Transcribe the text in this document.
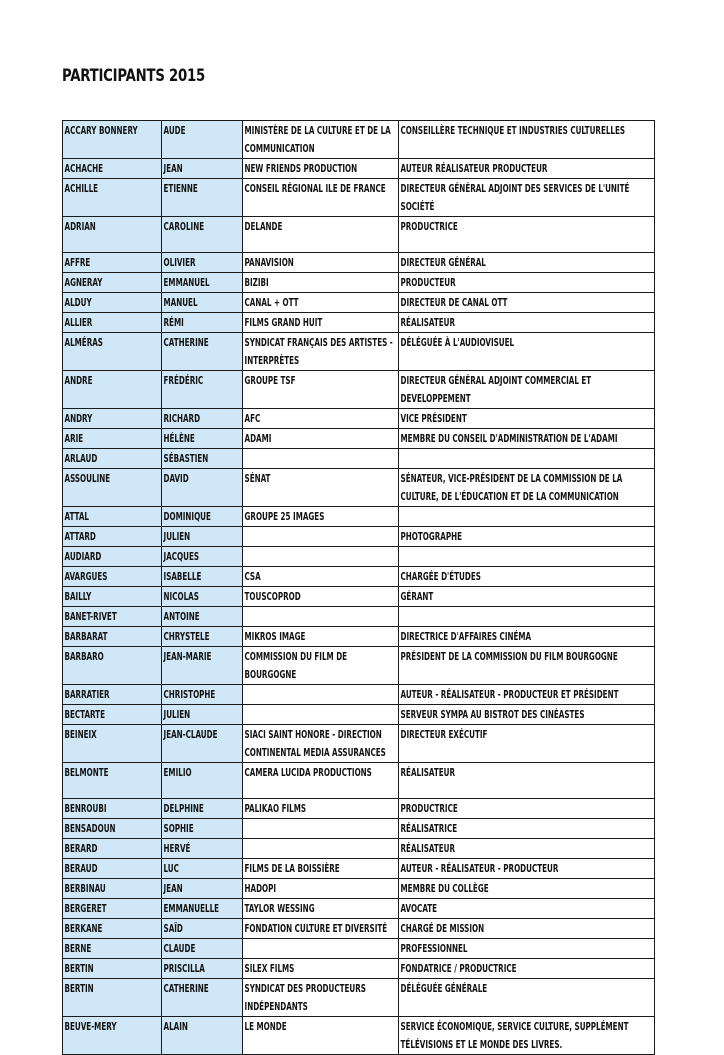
PARTICIPANTS 2015
ACCARY BONNERY	AUDE	MINISTÈRE DE LA CULTURE ET DE LA COMMUNICATION	CONSEILLÈRE TECHNIQUE ET INDUSTRIES CULTURELLES

ACHACHE	JEAN	NEW FRIENDS PRODUCTION	AUTEUR RÉALISATEUR PRODUCTEUR

ACHILLE	ETIENNE	CONSEIL RÉGIONAL ILE DE FRANCE	DIRECTEUR GÉNÉRAL ADJOINT DES SERVICES DE L'UNITÉ SOCIÉTÉ

ADRIAN	CAROLINE	DELANDE	PRODUCTRICE

AFFRE	OLIVIER	PANAVISION	DIRECTEUR GÉNÉRAL

AGNERAY	EMMANUEL	BIZIBI	PRODUCTEUR

ALDUY	MANUEL	CANAL + OTT	DIRECTEUR DE CANAL OTT

ALLIER	RÉMI	FILMS GRAND HUIT	RÉALISATEUR

ALMÉRAS	CATHERINE	SYNDICAT FRANÇAIS DES ARTISTES - INTERPRÈTES	DÉLÉGUÉE À L'AUDIOVISUEL

ANDRE	FRÉDÉRIC	GROUPE TSF	DIRECTEUR GÉNÉRAL ADJOINT COMMERCIAL ET DEVELOPPEMENT

ANDRY	RICHARD	AFC	VICE PRÉSIDENT

ARIE	HÉLÈNE	ADAMI	MEMBRE DU CONSEIL D'ADMINISTRATION DE L'ADAMI

ARLAUD	SÉBASTIEN		

ASSOULINE	DAVID	SÉNAT	SÉNATEUR, VICE-PRÉSIDENT DE LA COMMISSION DE LA CULTURE, DE L'ÉDUCATION ET DE LA COMMUNICATION

ATTAL	DOMINIQUE	GROUPE 25 IMAGES	

ATTARD	JULIEN		PHOTOGRAPHE

AUDIARD	JACQUES		

AVARGUES	ISABELLE	CSA	CHARGÉE D'ÉTUDES

BAILLY	NICOLAS	TOUSCOPROD	GÉRANT

BANET-RIVET	ANTOINE		

BARBARAT	CHRYSTELE	MIKROS IMAGE	DIRECTRICE D'AFFAIRES CINÉMA

BARBARO	JEAN-MARIE	COMMISSION DU FILM DE BOURGOGNE	PRÉSIDENT DE LA COMMISSION DU FILM BOURGOGNE

BARRATIER	CHRISTOPHE		AUTEUR - RÉALISATEUR - PRODUCTEUR ET PRÉSIDENT

BECTARTE	JULIEN		SERVEUR SYMPA AU BISTROT DES CINÉASTES

BEINEIX	JEAN-CLAUDE	SIACI SAINT HONORE - DIRECTION CONTINENTAL MEDIA ASSURANCES	DIRECTEUR EXÉCUTIF

BELMONTE	EMILIO	CAMERA LUCIDA PRODUCTIONS	RÉALISATEUR

BENROUBI	DELPHINE	PALIKAO FILMS	PRODUCTRICE

BENSADOUN	SOPHIE		RÉALISATRICE

BERARD	HERVÉ		RÉALISATEUR

BERAUD	LUC	FILMS DE LA BOISSIÈRE	AUTEUR - RÉALISATEUR - PRODUCTEUR

BERBINAU	JEAN	HADOPI	MEMBRE DU COLLÈGE

BERGERET	EMMANUELLE	TAYLOR WESSING	AVOCATE

BERKANE	SAÏD	FONDATION CULTURE ET DIVERSITÉ	CHARGÉ DE MISSION

BERNE	CLAUDE		PROFESSIONNEL

BERTIN	PRISCILLA	SILEX FILMS	FONDATRICE / PRODUCTRICE

BERTIN	CATHERINE	SYNDICAT DES PRODUCTEURS INDÉPENDANTS	DÉLÉGUÉE GÉNÉRALE

BEUVE-MERY	ALAIN	LE MONDE	SERVICE ÉCONOMIQUE, SERVICE CULTURE, SUPPLÉMENT TÉLÉVISIONS ET LE MONDE DES LIVRES.
